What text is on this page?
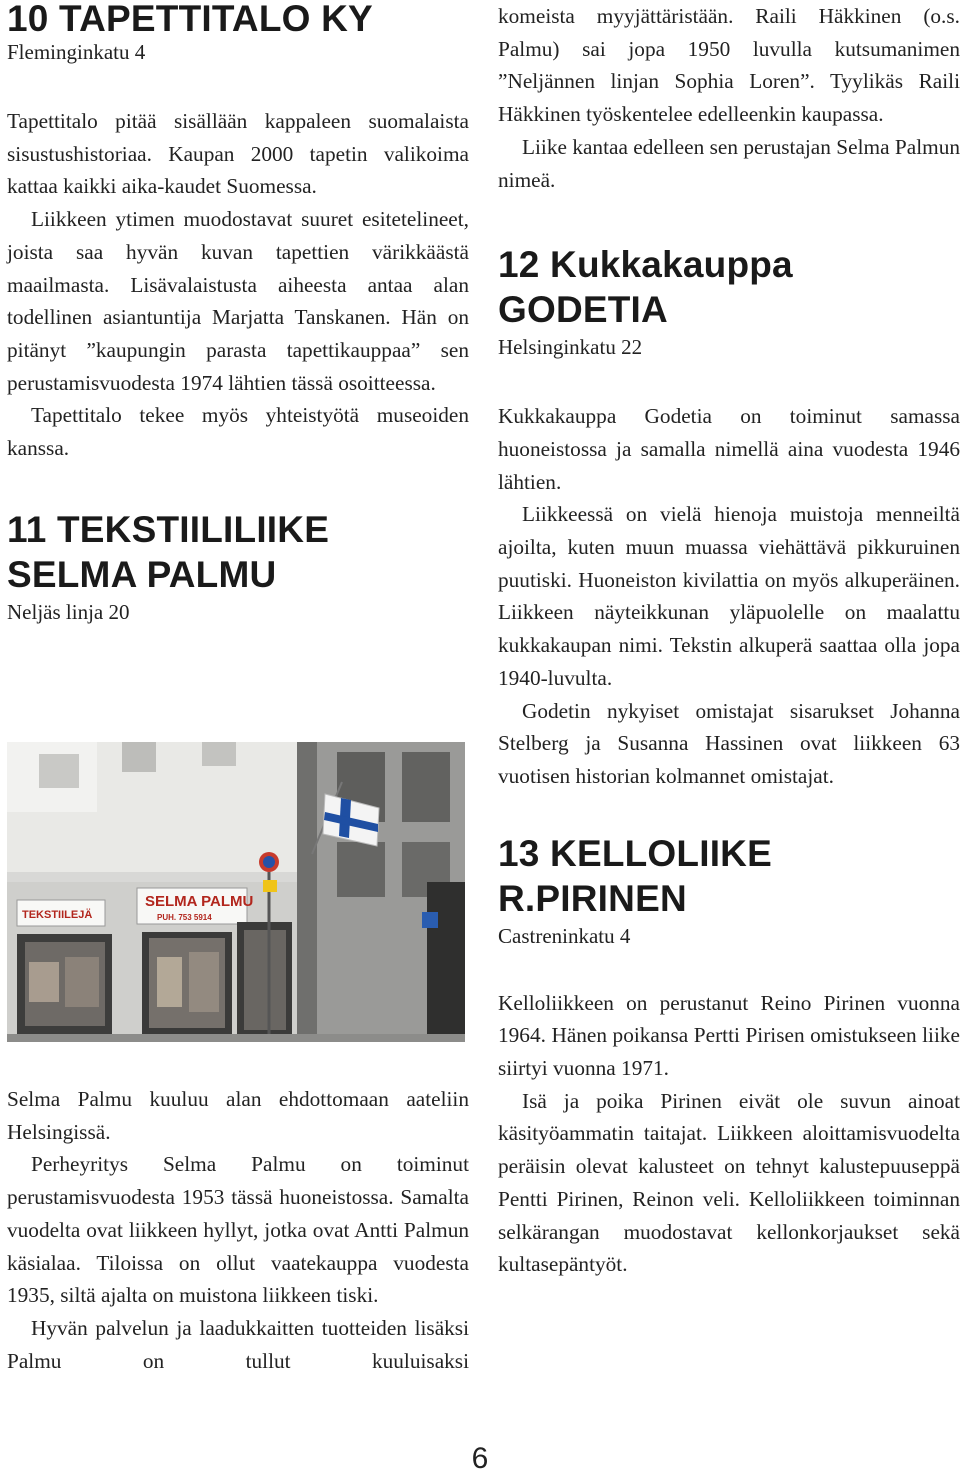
10 TAPETTITALO KY
Fleminginkatu 4

Tapettitalo pitää sisällään kappaleen suomalaista sisustushistoriaa. Kaupan 2000 tapetin valikoima kattaa kaikki aika-kaudet Suomessa.

Liikkeen ytimen muodostavat suuret esitetelineet, joista saa hyvän kuvan tapettien värikkäästä maailmasta. Lisävalaistusta aiheesta antaa alan todellinen asiantuntija Marjatta Tanskanen. Hän on pitänyt ”kaupungin parasta tapettikauppaa” sen perustamisvuodesta 1974 lähtien tässä osoitteessa.

Tapettitalo tekee myös yhteistyötä museoiden kanssa.

11 TEKSTIILILIIKE
SELMA PALMU
Neljäs linja 20
TEKSTIILEJÄ
SELMA PALMU
PUH. 753 5914

Selma Palmu kuuluu alan ehdottomaan aateliin Helsingissä.

Perheyritys Selma Palmu on toiminut perustamisvuodesta 1953 tässä huoneistossa. Samalta vuodelta ovat liikkeen hyllyt, jotka ovat Antti Palmun käsialaa. Tiloissa on ollut vaatekauppa vuodesta 1935, siltä ajalta on muistona liikkeen tiski.

Hyvän palvelun ja laadukkaitten tuotteiden lisäksi Palmu on tullut kuuluisaksi

komeista myyjättäristään. Raili Häkkinen (o.s. Palmu) sai jopa 1950 luvulla kutsumanimen ”Neljännen linjan Sophia Loren”. Tyylikäs Raili Häkkinen työskentelee edelleenkin kaupassa.

Liike kantaa edelleen sen perustajan Selma Palmun nimeä.

12 Kukkakauppa
GODETIA
Helsinginkatu 22

Kukkakauppa Godetia on toiminut samassa huoneistossa ja samalla nimellä aina vuodesta 1946 lähtien.

Liikkeessä on vielä hienoja muistoja menneiltä ajoilta, kuten muun muassa viehättävä pikkuruinen puutiski. Huoneiston kivilattia on myös alkuperäinen. Liikkeen näyteikkunan yläpuolelle on maalattu kukkakaupan nimi. Tekstin alkuperä saattaa olla jopa 1940-luvulta.

Godetin nykyiset omistajat sisarukset Johanna Stelberg ja Susanna Hassinen ovat liikkeen 63 vuotisen historian kolmannet omistajat.

13 KELLOLIIKE
R.PIRINEN
Castreninkatu 4

Kelloliikkeen on perustanut Reino Pirinen vuonna 1964. Hänen poikansa Pertti Pirisen omistukseen liike siirtyi vuonna 1971.

Isä ja poika Pirinen eivät ole suvun ainoat käsityöammatin taitajat. Liikkeen aloittamisvuodelta peräisin olevat kalusteet on tehnyt kalustepuuseppä Pentti Pirinen, Reinon veli. Kelloliikkeen toiminnan selkärangan muodostavat kellonkorjaukset sekä kultasepäntyöt.

6
